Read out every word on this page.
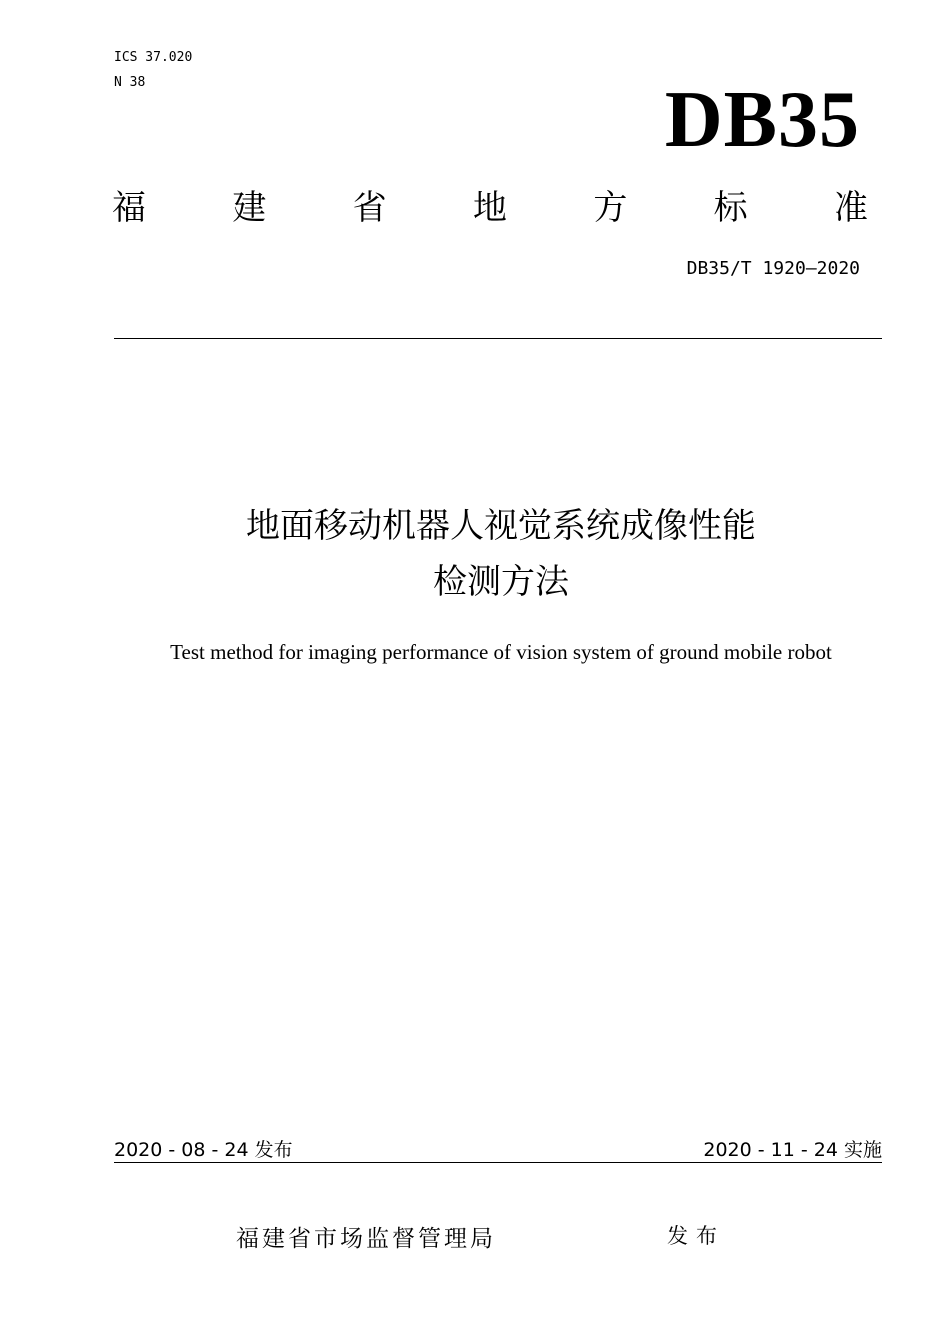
ICS 37.020
N 38	DB35
福	建	省	地	方	标	准
DB35/T 1920—2020
地面移动机器人视觉系统成像性能
检测方法
Test method for imaging performance of vision system of ground mobile robot
2020 - 08 - 24 发布	2020 - 11 - 24 实施
福建省市场监督管理局	发布
